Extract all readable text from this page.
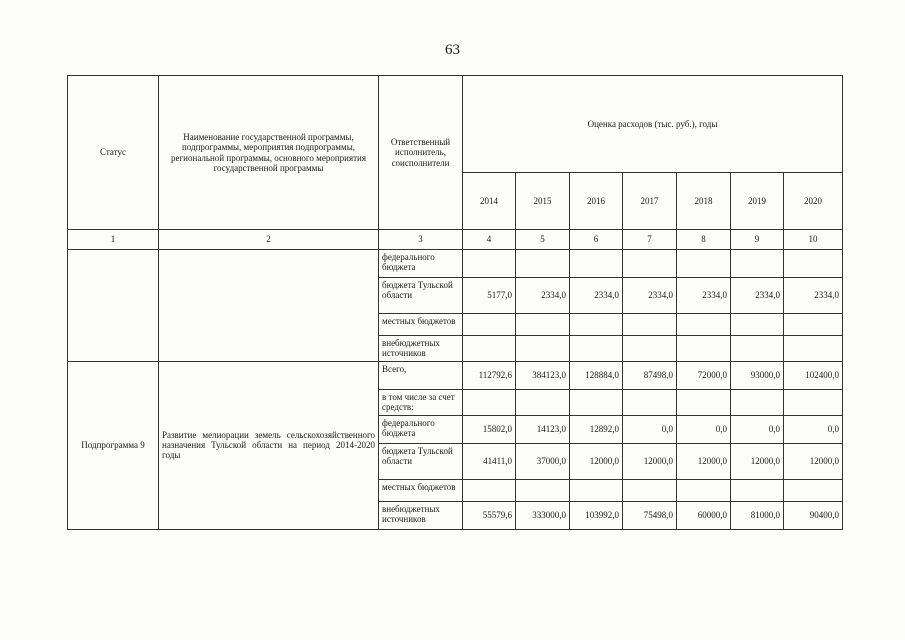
63
Статус	Наименование государственной программы, подпрограммы, мероприятия подпрограммы, региональной программы, основного мероприятия государственной программы	Ответственный исполнитель, соисполнители	Оценка расходов (тыс. руб.), годы						
			2014	2015	2016	2017	2018	2019	2020
1	2	3	4	5	6	7	8	9	10
		федерального бюджета							
		бюджета Тульской области	5177,0	2334,0	2334,0	2334,0	2334,0	2334,0	2334,0
		местных бюджетов							
		внебюджетных источников							
Подпрограмма 9	Развитие мелиорации земель сельскохозяйственного назначения Тульской области на период 2014-2020 годы	Всего,	112792,6	384123,0	128884,0	87498,0	72000,0	93000,0	102400,0
		в том числе за счет средств:							
		федерального бюджета	15802,0	14123,0	12892,0	0,0	0,0	0,0	0,0
		бюджета Тульской области	41411,0	37000,0	12000,0	12000,0	12000,0	12000,0	12000,0
		местных бюджетов							
		внебюджетных источников	55579,6	333000,0	103992,0	75498,0	60000,0	81000,0	90400,0
